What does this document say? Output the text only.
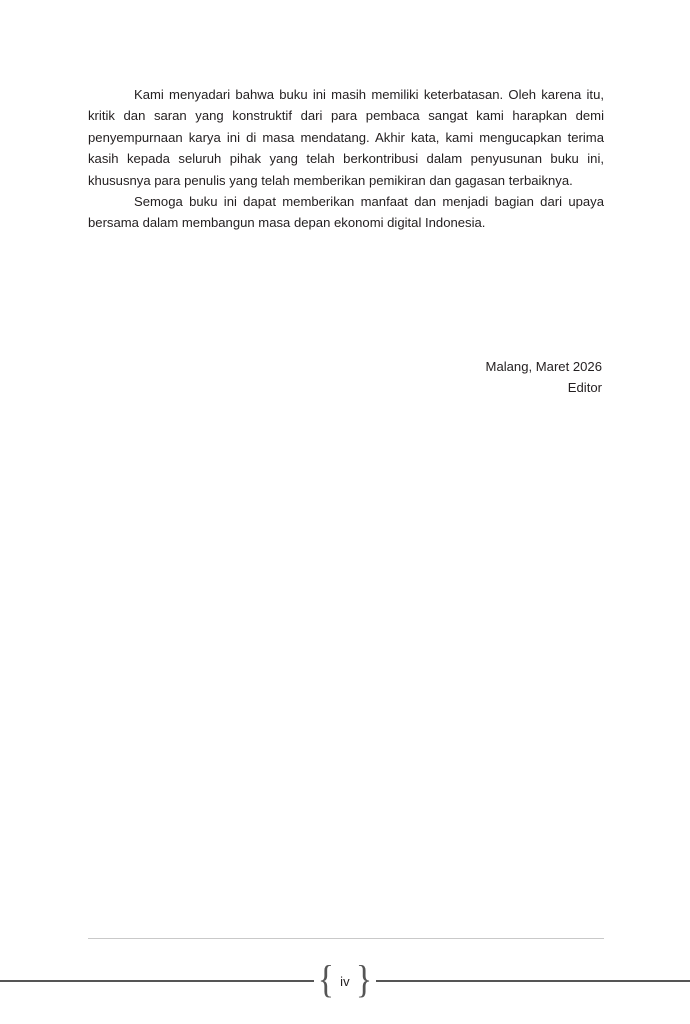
Kami menyadari bahwa buku ini masih memiliki keterbatasan. Oleh karena itu, kritik dan saran yang konstruktif dari para pembaca sangat kami harapkan demi penyempurnaan karya ini di masa mendatang. Akhir kata, kami mengucapkan terima kasih kepada seluruh pihak yang telah berkontribusi dalam penyusunan buku ini, khususnya para penulis yang telah memberikan pemikiran dan gagasan terbaiknya.

Semoga buku ini dapat memberikan manfaat dan menjadi bagian dari upaya bersama dalam membangun masa depan ekonomi digital Indonesia.

Malang, Maret 2026
Editor
{ iv }
